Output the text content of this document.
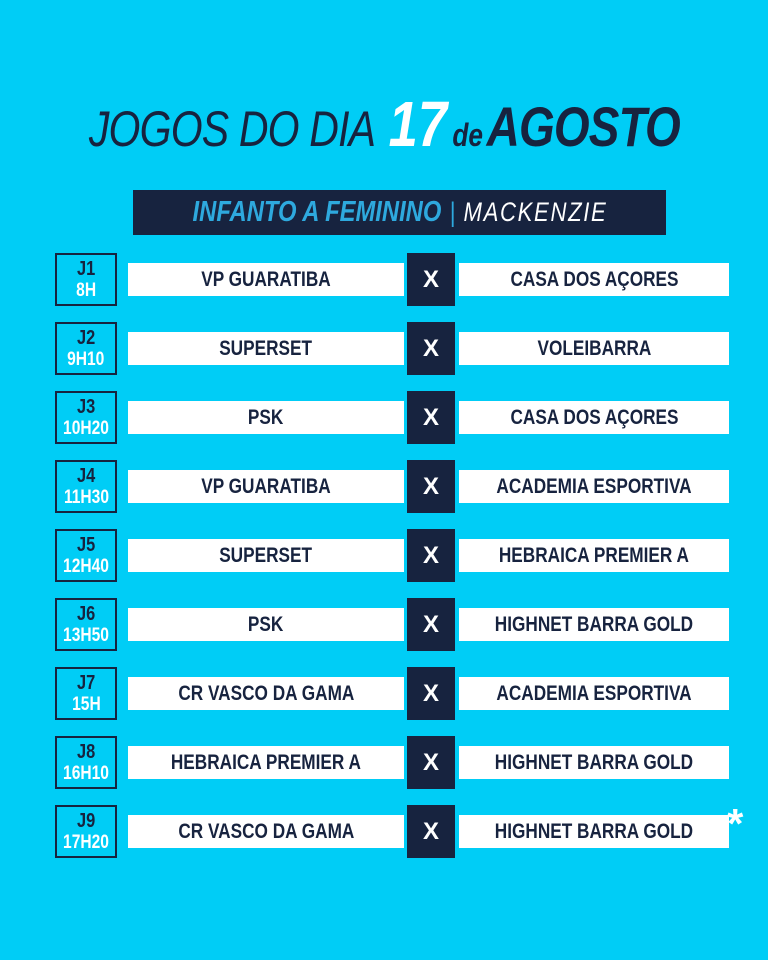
JOGOS DO DIA 17 de AGOSTO
INFANTO A FEMININO | MACKENZIE
J1
8H	VP GUARATIBA	X	CASA DOS AÇORES
J2
9H10	SUPERSET	X	VOLEIBARRA
J3
10H20	PSK	X	CASA DOS AÇORES
J4
11H30	VP GUARATIBA	X	ACADEMIA ESPORTIVA
J5
12H40	SUPERSET	X	HEBRAICA PREMIER A
J6
13H50	PSK	X	HIGHNET BARRA GOLD
J7
15H	CR VASCO DA GAMA	X	ACADEMIA ESPORTIVA
J8
16H10	HEBRAICA PREMIER A	X	HIGHNET BARRA GOLD
J9
17H20	CR VASCO DA GAMA	X	HIGHNET BARRA GOLD *
